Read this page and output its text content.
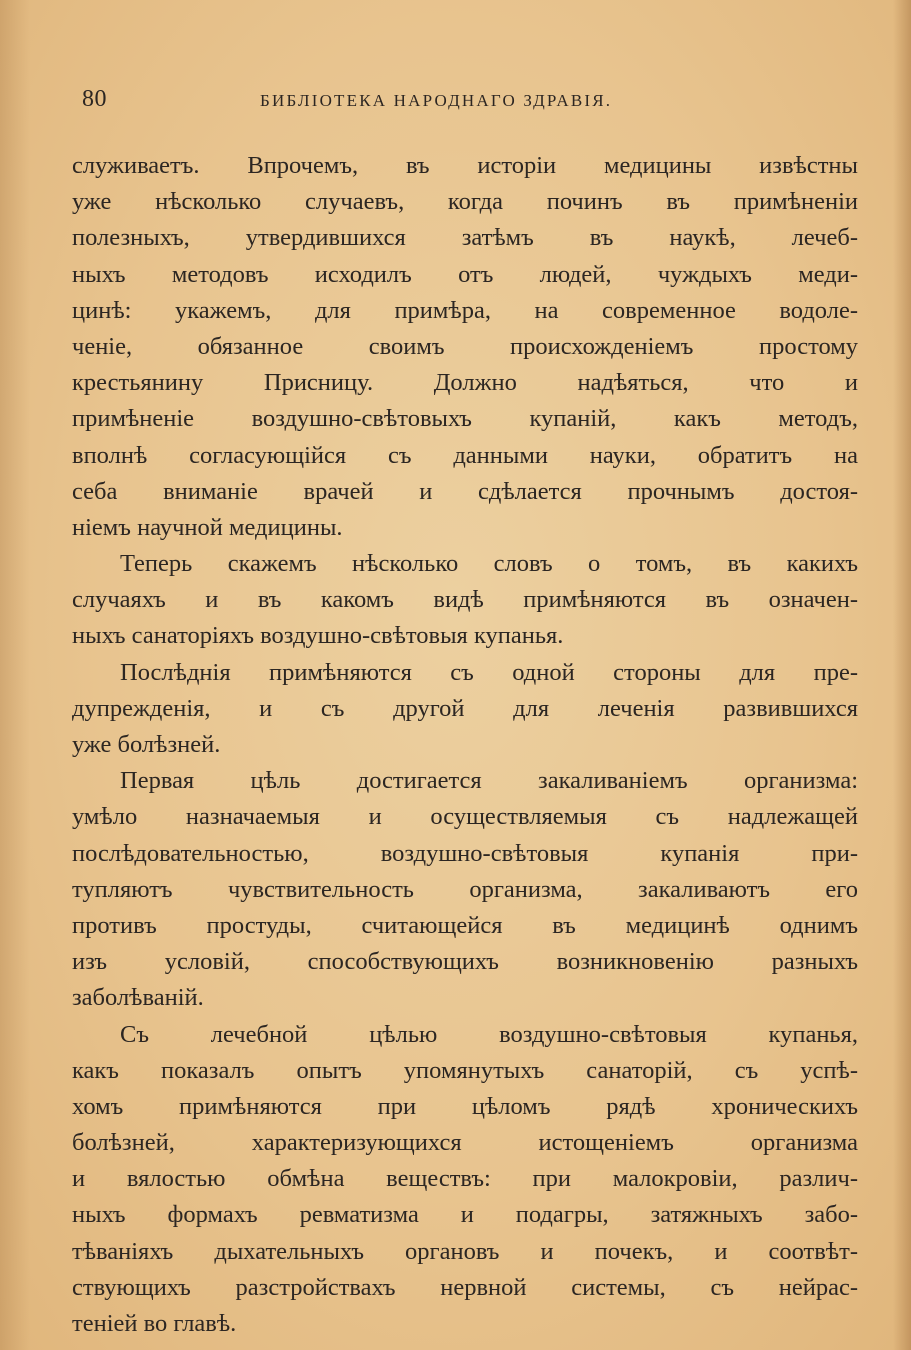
80	БИБЛІОТЕКА НАРОДНАГО ЗДРАВІЯ.
служиваетъ. Впрочемъ, въ исторіи медицины извѣстны
уже нѣсколько случаевъ, когда починъ въ примѣненіи
полезныхъ, утвердившихся затѣмъ въ наукѣ, лечеб-
ныхъ методовъ исходилъ отъ людей, чуждыхъ меди-
цинѣ: укажемъ, для примѣра, на современное водоле-
ченіе, обязанное своимъ происхожденіемъ простому
крестьянину Присницу. Должно надѣяться, что и
примѣненіе воздушно-свѣтовыхъ купаній, какъ методъ,
вполнѣ согласующійся съ данными науки, обратитъ на
себа вниманіе врачей и сдѣлается прочнымъ достоя-
ніемъ научной медицины.
Теперь скажемъ нѣсколько словъ о томъ, въ какихъ
случаяхъ и въ какомъ видѣ примѣняются въ означен-
ныхъ санаторіяхъ воздушно-свѣтовыя купанья.
Послѣднія примѣняются съ одной стороны для пре-
дупрежденія, и съ другой для леченія развившихся
уже болѣзней.
Первая цѣль достигается закаливаніемъ организма:
умѣло назначаемыя и осуществляемыя съ надлежащей
послѣдовательностью, воздушно-свѣтовыя купанія при-
тупляютъ чувствительность организма, закаливаютъ его
противъ простуды, считающейся въ медицинѣ однимъ
изъ условій, способствующихъ возникновенію разныхъ
заболѣваній.
Съ лечебной цѣлью воздушно-свѣтовыя купанья,
какъ показалъ опытъ упомянутыхъ санаторій, съ успѣ-
хомъ примѣняются при цѣломъ рядѣ хроническихъ
болѣзней, характеризующихся истощеніемъ организма
и вялостью обмѣна веществъ: при малокровіи, различ-
ныхъ формахъ ревматизма и подагры, затяжныхъ забо-
тѣваніяхъ дыхательныхъ органовъ и почекъ, и соотвѣт-
ствующихъ разстройствахъ нервной системы, съ нейрас-
теніей во главѣ.
